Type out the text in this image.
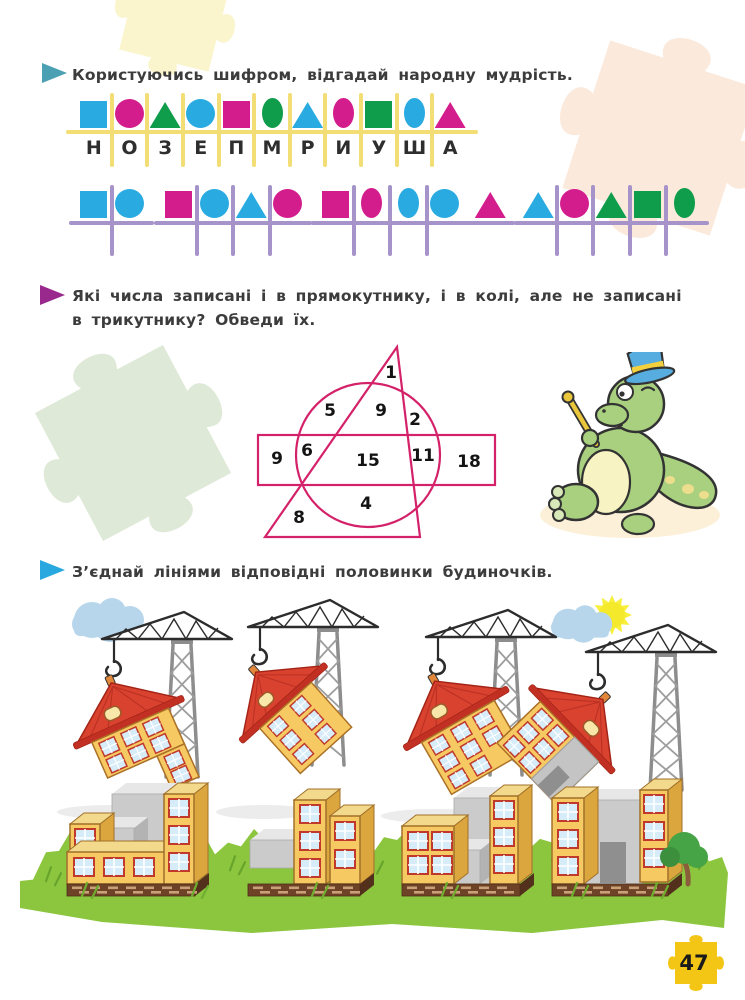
Користуючись шифром, відгадай народну мудрість.
Н	О	З	Е	П М	Р	И	У Ш А
Які числа записані і в прямокутнику, і в колі, але не записані
в трикутнику? Обведи їх.
1
5 9 2
9 6	15 11 18
4
8
З’єднай лініями відповідні половинки будиночків.
47
